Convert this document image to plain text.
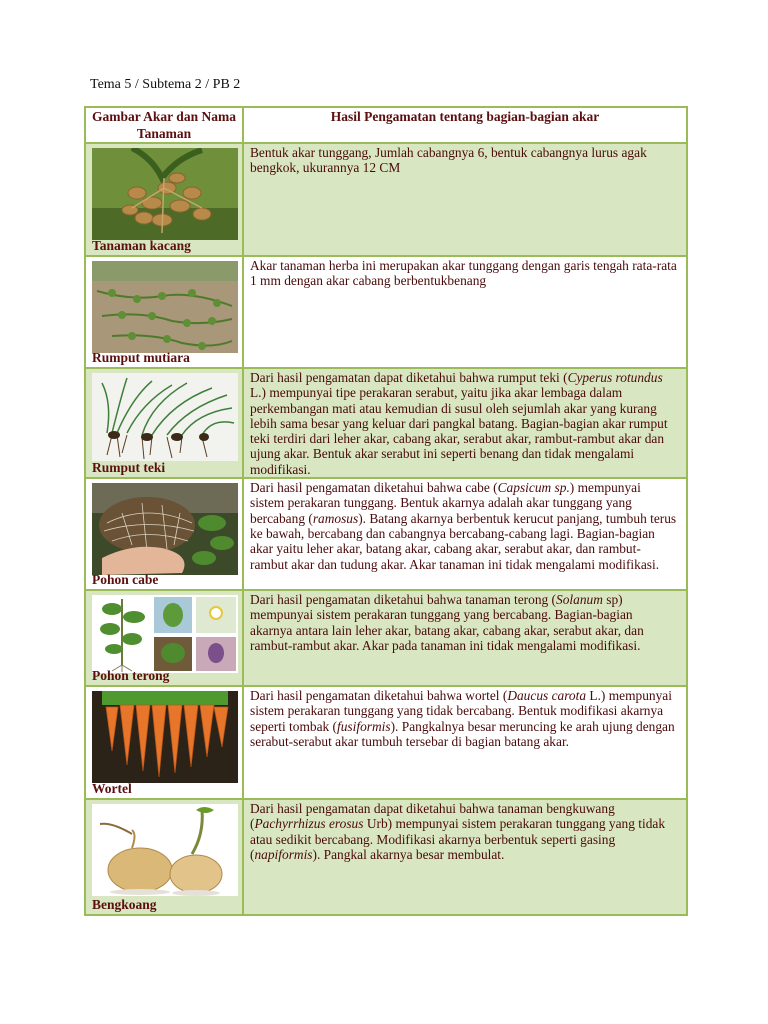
Tema 5 / Subtema 2 / PB 2
Gambar Akar dan Nama Tanaman	Hasil Pengamatan tentang bagian-bagian akar

Tanaman kacang	Bentuk akar tunggang, Jumlah cabangnya 6, bentuk cabangnya lurus agak bengkok, ukurannya 12 CM

Rumput mutiara	Akar tanaman herba ini merupakan akar tunggang dengan garis tengah rata-rata 1 mm dengan akar cabang berbentukbenang

Rumput teki	Dari hasil pengamatan dapat diketahui bahwa rumput teki (Cyperus rotundus L.) mempunyai tipe perakaran serabut, yaitu jika akar lembaga dalam perkembangan mati atau kemudian di susul oleh sejumlah akar yang kurang lebih sama besar yang keluar dari pangkal batang. Bagian-bagian akar rumput teki terdiri dari leher akar, cabang akar, serabut akar, rambut-rambut akar dan ujung akar. Bentuk akar serabut ini seperti benang dan tidak mengalami modifikasi.

Pohon cabe	Dari hasil pengamatan diketahui bahwa cabe (Capsicum sp.) mempunyai sistem perakaran tunggang. Bentuk akarnya adalah akar tunggang yang bercabang (ramosus). Batang akarnya berbentuk kerucut panjang, tumbuh terus ke bawah, bercabang dan cabangnya bercabang-cabang lagi. Bagian-bagian akar yaitu leher akar, batang akar, cabang akar, serabut akar, dan rambut-rambut akar dan tudung akar. Akar tanaman ini tidak mengalami modifikasi.

Pohon terong	Dari hasil pengamatan diketahui bahwa tanaman terong (Solanum sp) mempunyai sistem perakaran tunggang yang bercabang. Bagian-bagian akarnya antara lain leher akar, batang akar, cabang akar, serabut akar, dan rambut-rambut akar. Akar pada tanaman ini tidak mengalami modifikasi.

Wortel	Dari hasil pengamatan diketahui bahwa wortel (Daucus carota L.) mempunyai sistem perakaran tunggang yang tidak bercabang. Bentuk modifikasi akarnya seperti tombak (fusiformis). Pangkalnya besar meruncing ke arah ujung dengan serabut-serabut akar tumbuh tersebar di bagian batang akar.

Bengkoang	Dari hasil pengamatan dapat diketahui bahwa tanaman bengkuwang (Pachyrrhizus erosus Urb) mempunyai sistem perakaran tunggang yang tidak atau sedikit bercabang. Modifikasi akarnya berbentuk seperti gasing (napiformis). Pangkal akarnya besar membulat.
